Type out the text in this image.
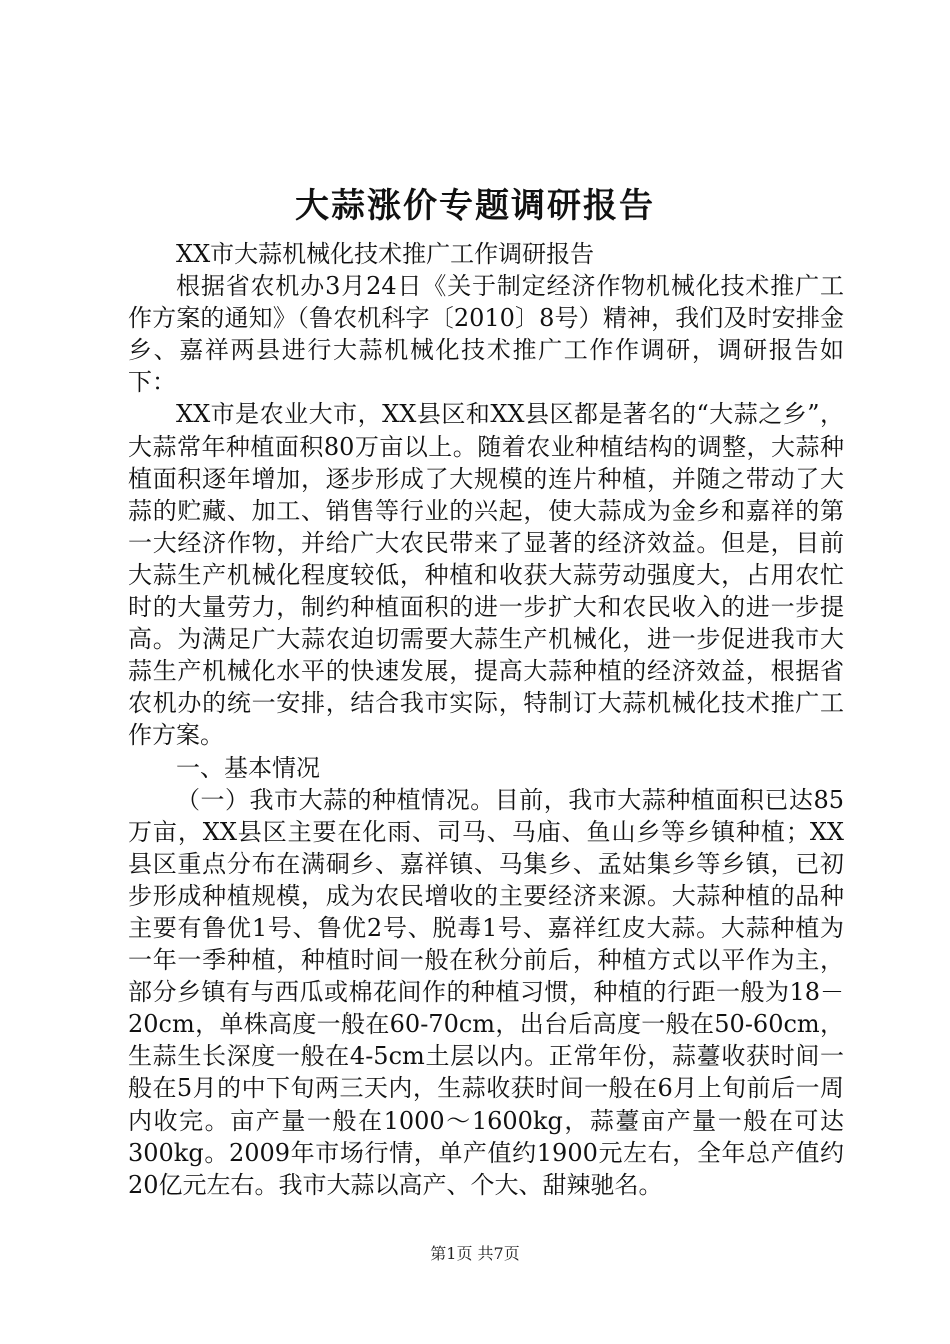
大蒜涨价专题调研报告

XX市大蒜机械化技术推广工作调研报告

根据省农机办3月24日《关于制定经济作物机械化技术推广工作方案的通知》（鲁农机科字〔2010〕8号）精神，我们及时安排金乡、嘉祥两县进行大蒜机械化技术推广工作作调研，调研报告如下：

XX市是农业大市，XX县区和XX县区都是著名的“大蒜之乡”，大蒜常年种植面积80万亩以上。随着农业种植结构的调整，大蒜种植面积逐年增加，逐步形成了大规模的连片种植，并随之带动了大蒜的贮藏、加工、销售等行业的兴起，使大蒜成为金乡和嘉祥的第一大经济作物，并给广大农民带来了显著的经济效益。但是，目前大蒜生产机械化程度较低，种植和收获大蒜劳动强度大，占用农忙时的大量劳力，制约种植面积的进一步扩大和农民收入的进一步提高。为满足广大蒜农迫切需要大蒜生产机械化，进一步促进我市大蒜生产机械化水平的快速发展，提高大蒜种植的经济效益，根据省农机办的统一安排，结合我市实际，特制订大蒜机械化技术推广工作方案。

一、基本情况

（一）我市大蒜的种植情况。目前，我市大蒜种植面积已达85万亩，XX县区主要在化雨、司马、马庙、鱼山乡等乡镇种植；XX县区重点分布在满硐乡、嘉祥镇、马集乡、孟姑集乡等乡镇，已初步形成种植规模，成为农民增收的主要经济来源。大蒜种植的品种主要有鲁优1号、鲁优2号、脱毒1号、嘉祥红皮大蒜。大蒜种植为一年一季种植，种植时间一般在秋分前后，种植方式以平作为主，部分乡镇有与西瓜或棉花间作的种植习惯，种植的行距一般为18－20cm，单株高度一般在60-70cm，出台后高度一般在50-60cm，生蒜生长深度一般在4-5cm土层以内。正常年份，蒜薹收获时间一般在5月的中下旬两三天内，生蒜收获时间一般在6月上旬前后一周内收完。亩产量一般在1000～1600kg，蒜薹亩产量一般在可达300kg。2009年市场行情，单产值约1900元左右，全年总产值约20亿元左右。我市大蒜以高产、个大、甜辣驰名。

第1页 共7页
